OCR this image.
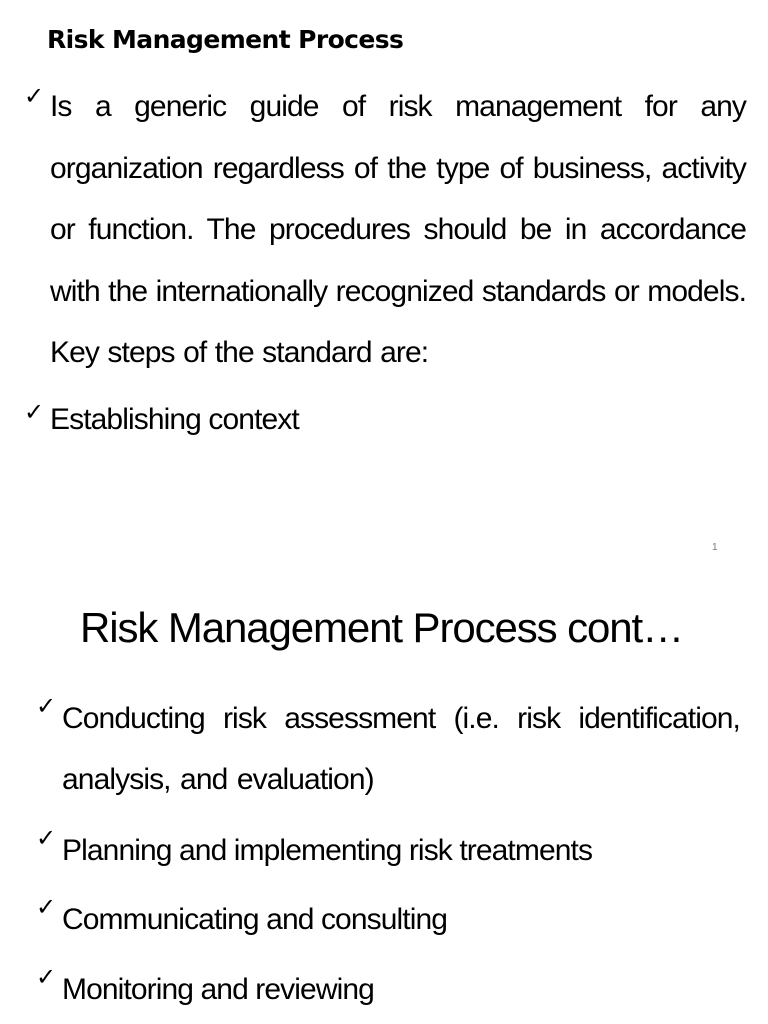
Risk Management Process
✓ Is a generic guide of risk management for any organization regardless of the type of business, activity or function. The procedures should be in accordance with the internationally recognized standards or models. Key steps of the standard are:
✓ Establishing context
1
Risk Management Process cont…
✓ Conducting risk assessment (i.e. risk identification, analysis, and evaluation)
✓ Planning and implementing risk treatments
✓ Communicating and consulting
✓ Monitoring and reviewing
